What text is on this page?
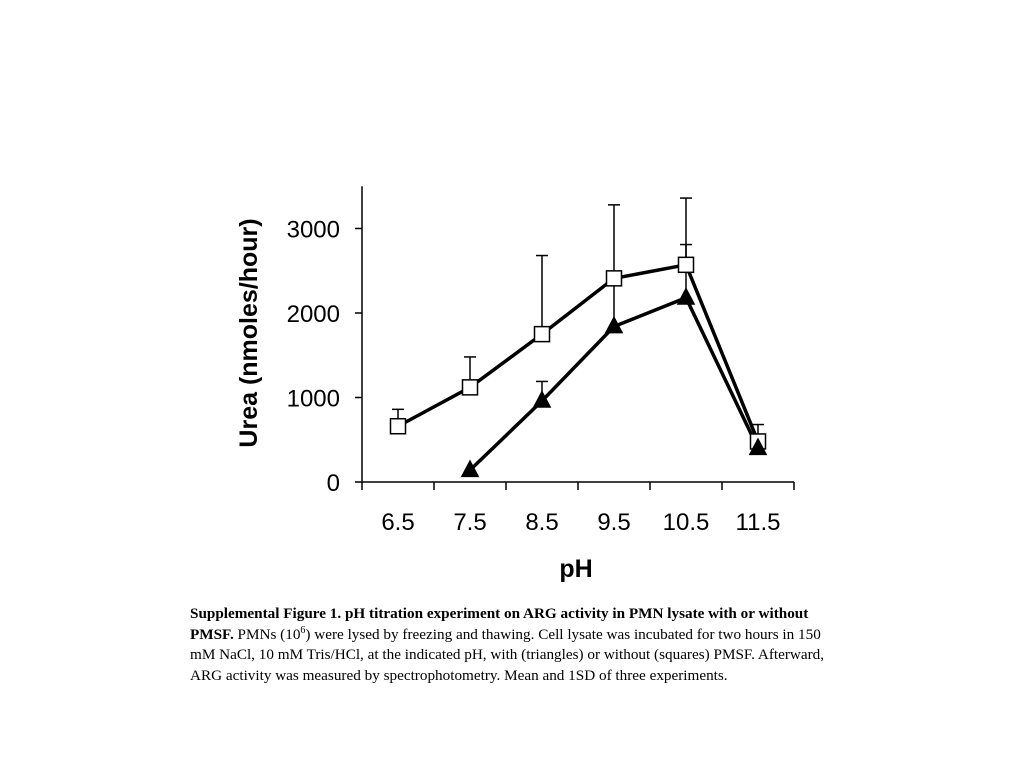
0
1000
2000
3000
6.5 7.5 8.5 9.5 10.5 11.5
pH
Urea (nmoles/hour)
Supplemental Figure 1. pH titration experiment on ARG activity in PMN lysate with or without PMSF. PMNs $(10^6)$ were lysed by freezing and thawing. Cell lysate was incubated for two hours in 150 mM NaCl, 10 mM Tris/HCl, at the indicated pH, with (triangles) or without (squares) PMSF. Afterward, ARG activity was measured by spectrophotometry. Mean and 1SD of three experiments.
